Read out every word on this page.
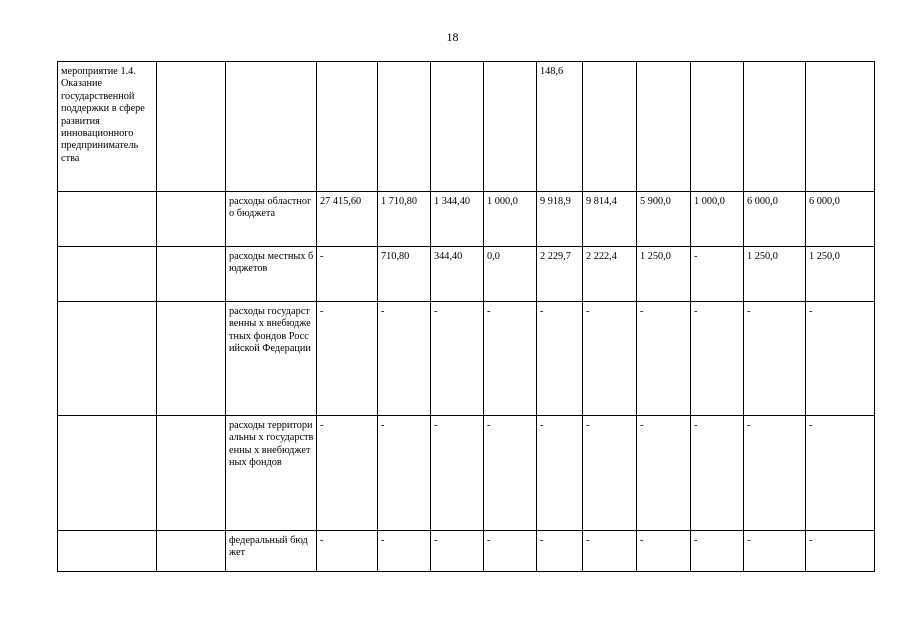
18
мероприятие 1.4. Оказание государственной поддержки в сфере развития инновационного предприниматель ства							148,6					
		расходы областного бюджета	27 415,60	1 710,80	1 344,40	1 000,0	9 918,9	9 814,4	5 900,0	1 000,0	6 000,0	6 000,0
		расходы местных бюджетов	-	710,80	344,40	0,0	2 229,7	2 222,4	1 250,0	-	1 250,0	1 250,0
		расходы государственны х внебюджетных фондов Российской Федерации	-	-	-	-	-	-	-	-	-	-
		расходы территориальны х государственны х внебюджетных фондов	-	-	-	-	-	-	-	-	-	-
		федеральный бюджет	-	-	-	-	-	-	-	-	-	-
